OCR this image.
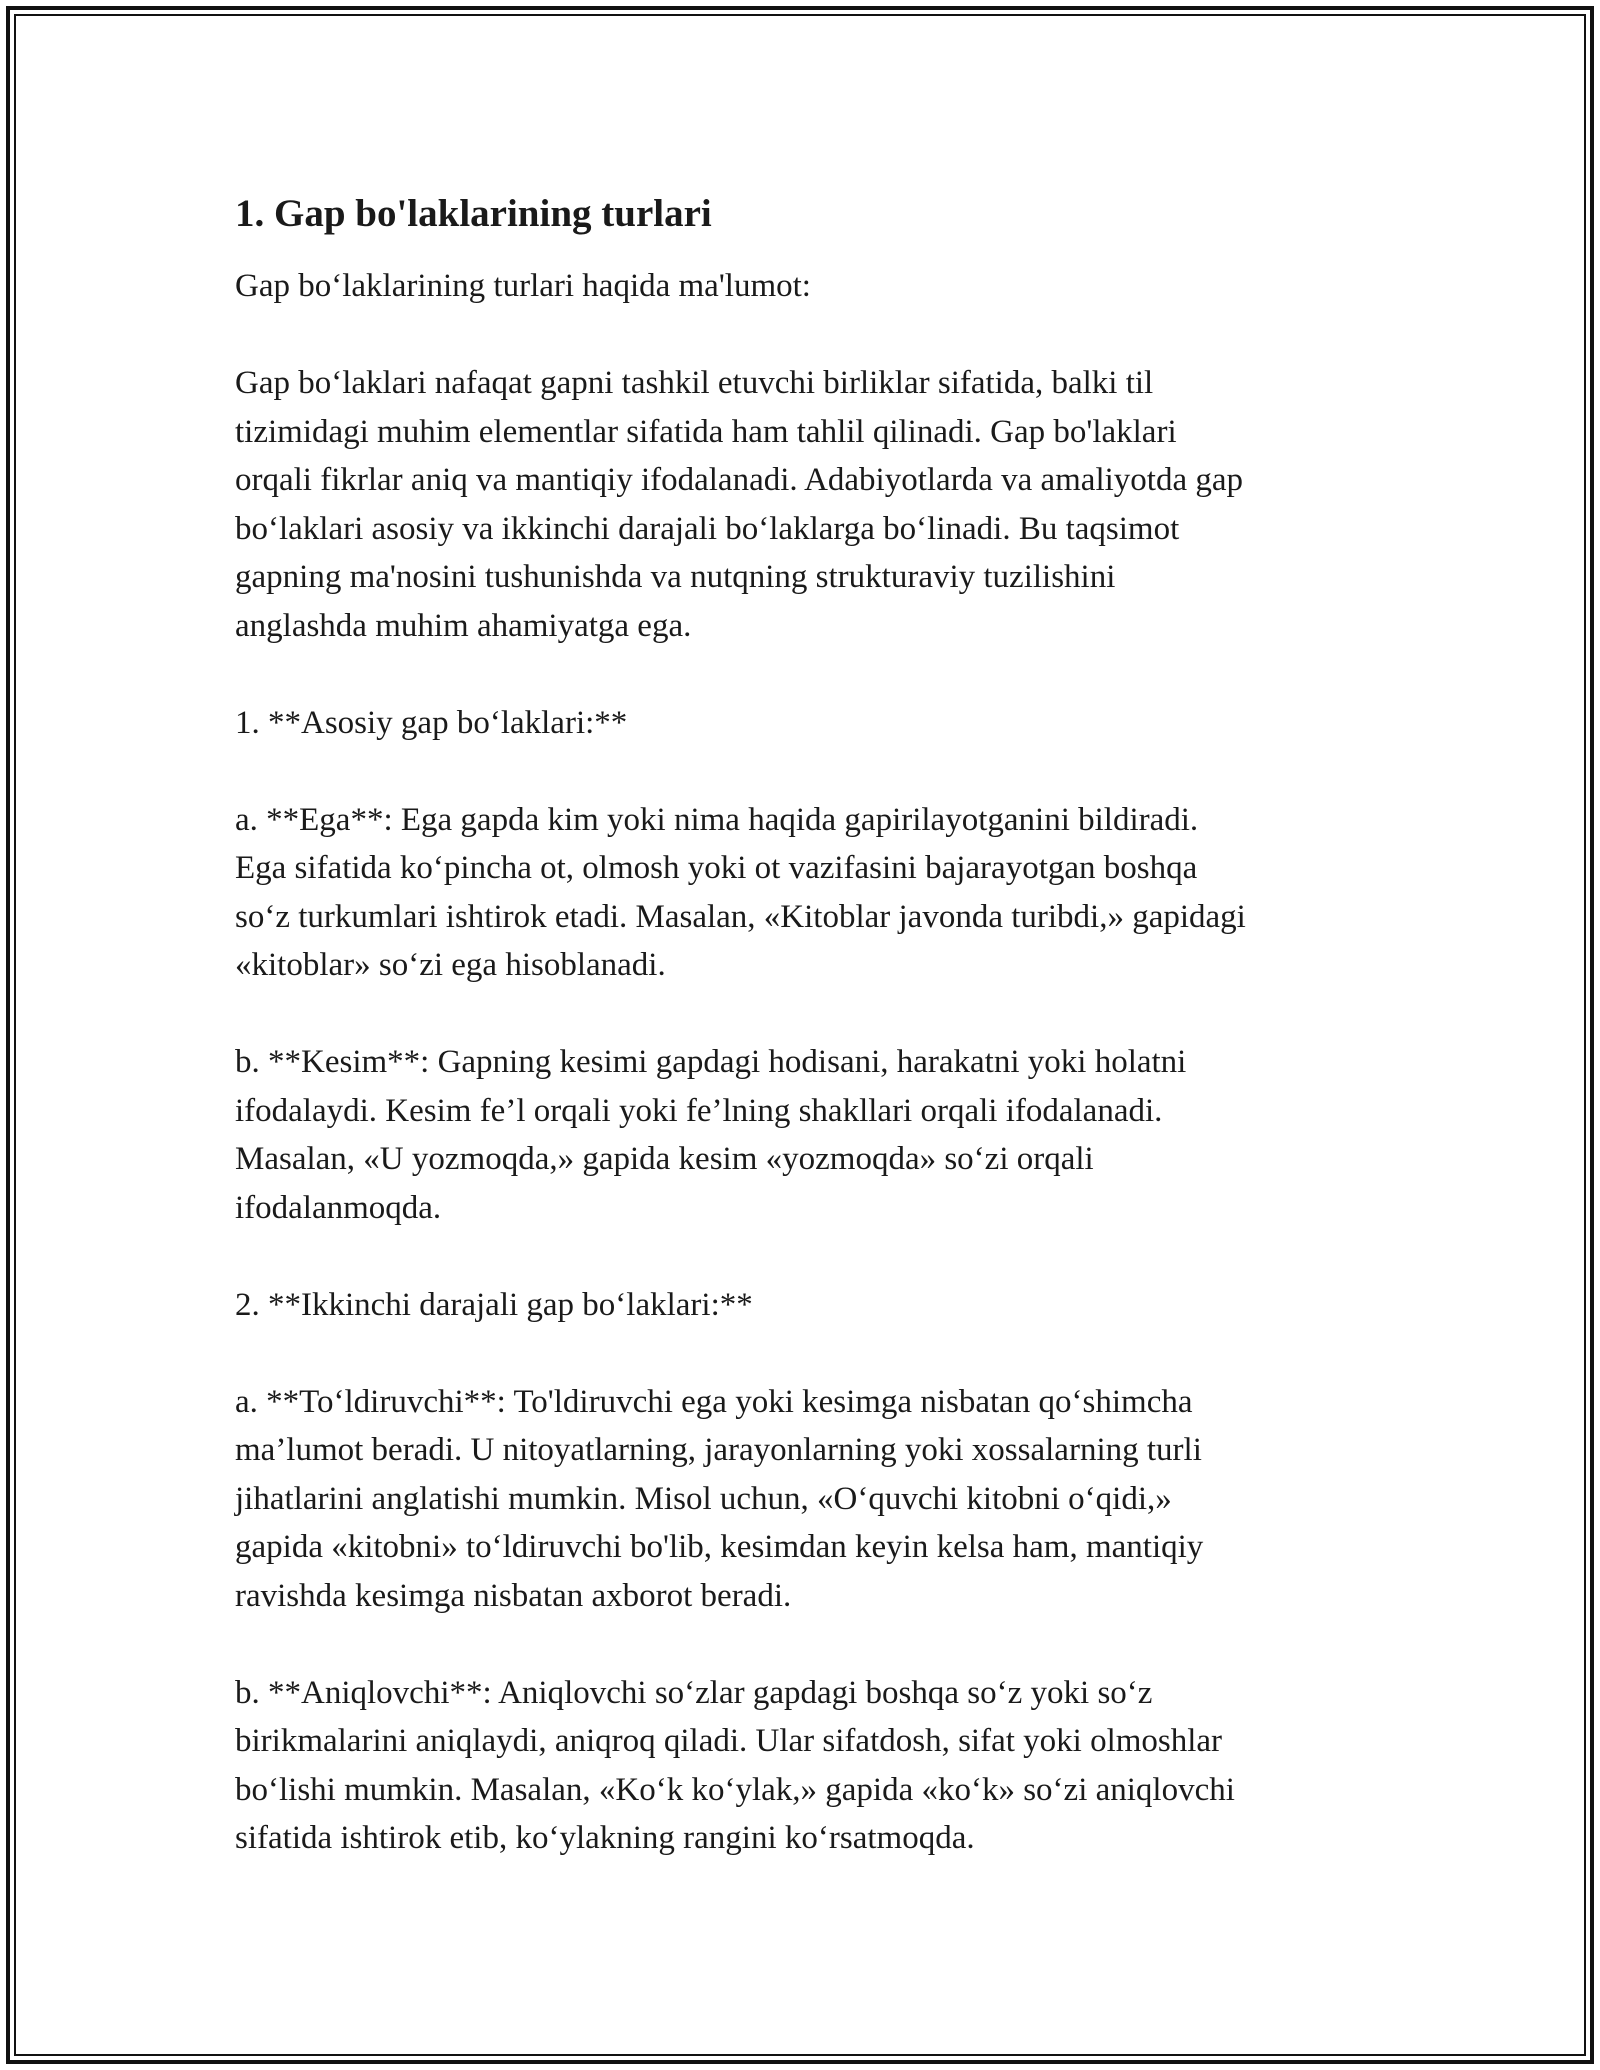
1. Gap bo'laklarining turlari

Gap bo‘laklarining turlari haqida ma'lumot:

Gap bo‘laklari nafaqat gapni tashkil etuvchi birliklar sifatida, balki til
tizimidagi muhim elementlar sifatida ham tahlil qilinadi. Gap bo'laklari
orqali fikrlar aniq va mantiqiy ifodalanadi. Adabiyotlarda va amaliyotda gap
bo‘laklari asosiy va ikkinchi darajali bo‘laklarga bo‘linadi. Bu taqsimot
gapning ma'nosini tushunishda va nutqning strukturaviy tuzilishini
anglashda muhim ahamiyatga ega.

1. **Asosiy gap bo‘laklari:**

a. **Ega**: Ega gapda kim yoki nima haqida gapirilayotganini bildiradi.
Ega sifatida ko‘pincha ot, olmosh yoki ot vazifasini bajarayotgan boshqa
so‘z turkumlari ishtirok etadi. Masalan, «Kitoblar javonda turibdi,» gapidagi
«kitoblar» so‘zi ega hisoblanadi.

b. **Kesim**: Gapning kesimi gapdagi hodisani, harakatni yoki holatni
ifodalaydi. Kesim fe’l orqali yoki fe’lning shakllari orqali ifodalanadi.
Masalan, «U yozmoqda,» gapida kesim «yozmoqda» so‘zi orqali
ifodalanmoqda.

2. **Ikkinchi darajali gap bo‘laklari:**

a. **To‘ldiruvchi**: To'ldiruvchi ega yoki kesimga nisbatan qo‘shimcha
ma’lumot beradi. U nitoyatlarning, jarayonlarning yoki xossalarning turli
jihatlarini anglatishi mumkin. Misol uchun, «O‘quvchi kitobni o‘qidi,»
gapida «kitobni» to‘ldiruvchi bo'lib, kesimdan keyin kelsa ham, mantiqiy
ravishda kesimga nisbatan axborot beradi.

b. **Aniqlovchi**: Aniqlovchi so‘zlar gapdagi boshqa so‘z yoki so‘z
birikmalarini aniqlaydi, aniqroq qiladi. Ular sifatdosh, sifat yoki olmoshlar
bo‘lishi mumkin. Masalan, «Ko‘k ko‘ylak,» gapida «ko‘k» so‘zi aniqlovchi
sifatida ishtirok etib, ko‘ylakning rangini ko‘rsatmoqda.
